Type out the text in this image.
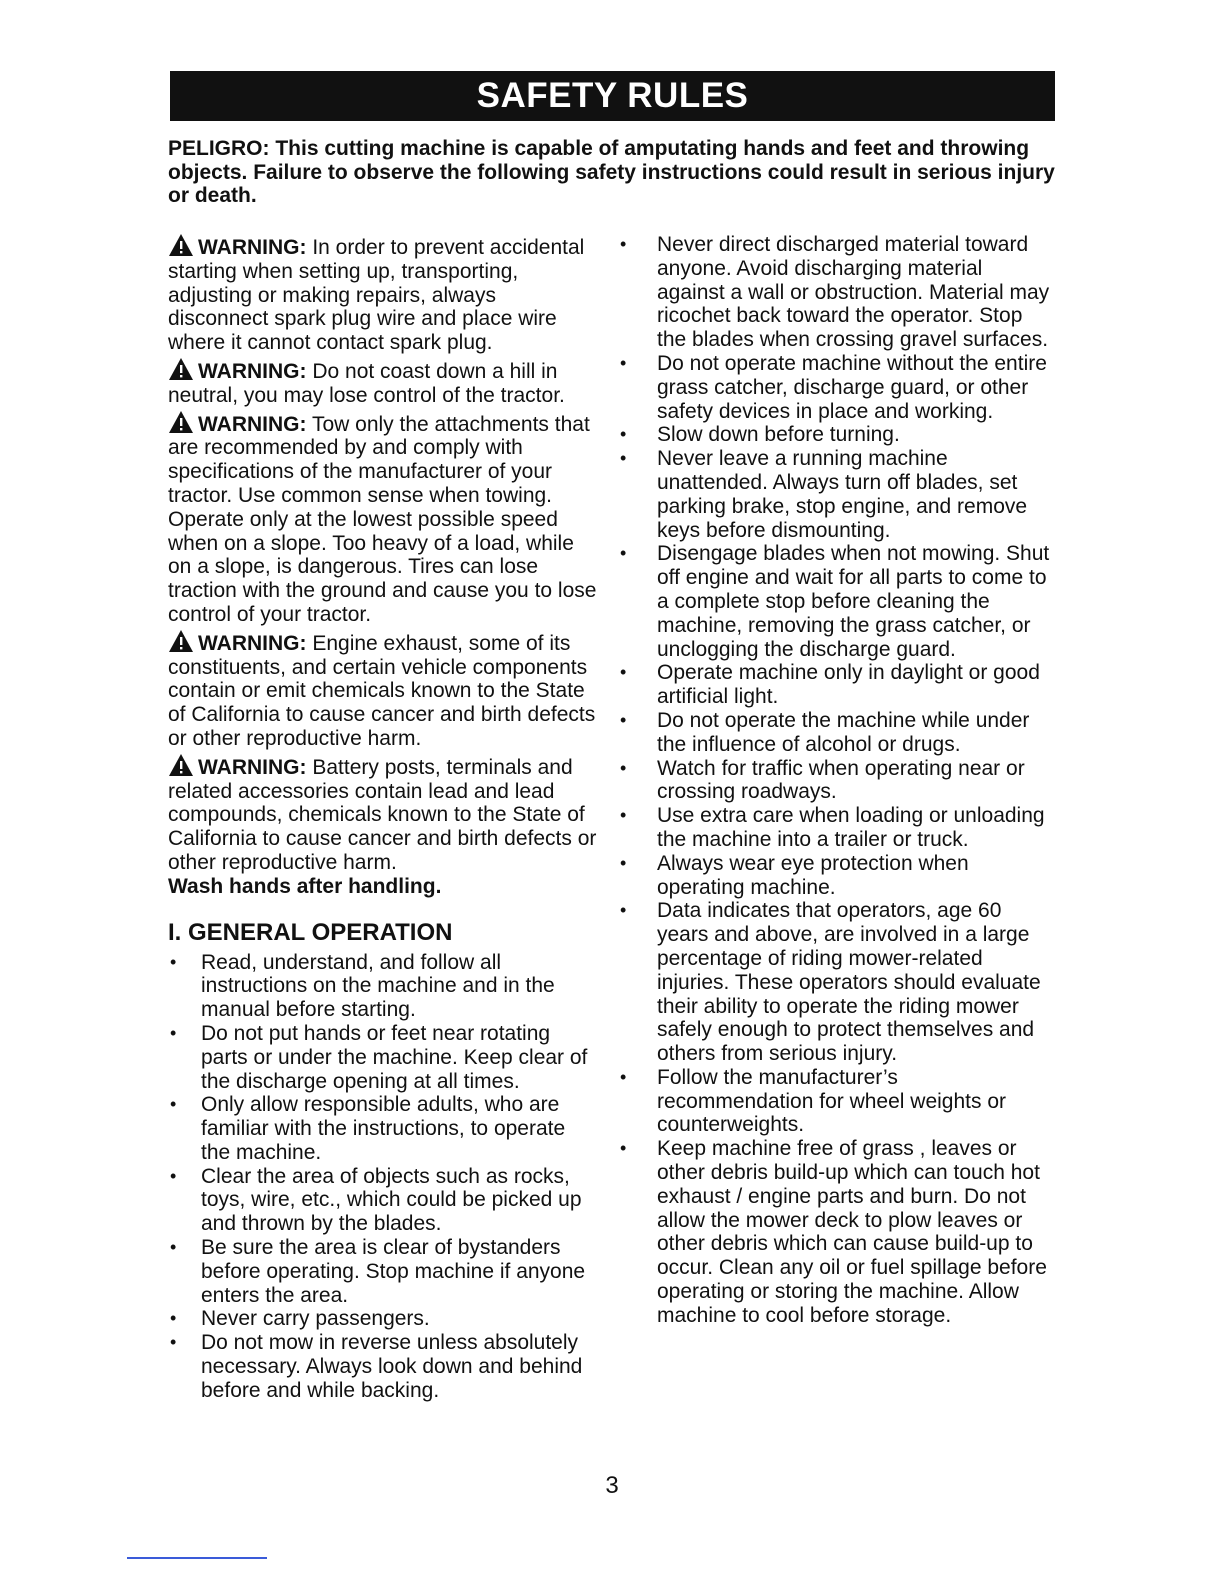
SAFETY RULES
PELIGRO: This cutting machine is capable of amputating hands and feet and throwing objects. Failure to observe the following safety instructions could result in serious injury or death.

WARNING: In order to prevent accidental starting when setting up, transporting, adjusting or making repairs, always disconnect spark plug wire and place wire where it cannot contact spark plug.

WARNING: Do not coast down a hill in neutral, you may lose control of the tractor.

WARNING: Tow only the attachments that are recommended by and comply with specifications of the manufacturer of your tractor. Use common sense when towing. Operate only at the lowest possible speed when on a slope. Too heavy of a load, while on a slope, is dangerous. Tires can lose traction with the ground and cause you to lose control of your tractor.

WARNING: Engine exhaust, some of its constituents, and certain vehicle components contain or emit chemicals known to the State of California to cause cancer and birth defects or other reproductive harm.

WARNING: Battery posts, terminals and related accessories contain lead and lead compounds, chemicals known to the State of California to cause cancer and birth defects or other reproductive harm.
Wash hands after handling.

I. GENERAL OPERATION
• Read, understand, and follow all instructions on the machine and in the manual before starting.
• Do not put hands or feet near rotating parts or under the machine. Keep clear of the discharge opening at all times.
• Only allow responsible adults, who are familiar with the instructions, to operate the machine.
• Clear the area of objects such as rocks, toys, wire, etc., which could be picked up and thrown by the blades.
• Be sure the area is clear of bystanders before operating. Stop machine if anyone enters the area.
• Never carry passengers.
• Do not mow in reverse unless absolutely necessary. Always look down and behind before and while backing.
• Never direct discharged material toward anyone. Avoid discharging material against a wall or obstruction. Material may ricochet back toward the operator. Stop the blades when crossing gravel surfaces.
• Do not operate machine without the entire grass catcher, discharge guard, or other safety devices in place and working.
• Slow down before turning.
• Never leave a running machine unattended. Always turn off blades, set parking brake, stop engine, and remove keys before dismounting.
• Disengage blades when not mowing. Shut off engine and wait for all parts to come to a complete stop before cleaning the machine, removing the grass catcher, or unclogging the discharge guard.
• Operate machine only in daylight or good artificial light.
• Do not operate the machine while under the influence of alcohol or drugs.
• Watch for traffic when operating near or crossing roadways.
• Use extra care when loading or unloading the machine into a trailer or truck.
• Always wear eye protection when operating machine.
• Data indicates that operators, age 60 years and above, are involved in a large percentage of riding mower-related injuries. These operators should evaluate their ability to operate the riding mower safely enough to protect themselves and others from serious injury.
• Follow the manufacturer’s recommendation for wheel weights or counterweights.
• Keep machine free of grass , leaves or other debris build-up which can touch hot exhaust / engine parts and burn. Do not allow the mower deck to plow leaves or other debris which can cause build-up to occur. Clean any oil or fuel spillage before operating or storing the machine. Allow machine to cool before storage.
3
